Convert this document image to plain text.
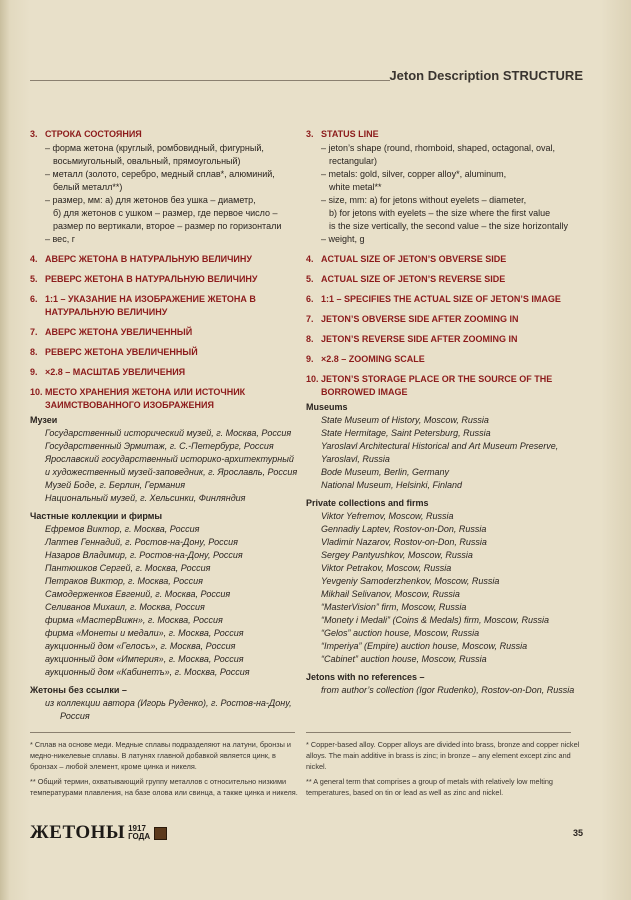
Jeton Description STRUCTURE
3. СТРОКА СОСТОЯНИЯ
– форма жетона (круглый, ромбовидный, фигурный,
восьмиугольный, овальный, прямоугольный)
– металл (золото, серебро, медный сплав*, алюминий,
белый металл**)
– размер, мм: а) для жетонов без ушка – диаметр,
б) для жетонов с ушком – размер, где первое число –
размер по вертикали, второе – размер по горизонтали
– вес, г
4. АВЕРС ЖЕТОНА В НАТУРАЛЬНУЮ ВЕЛИЧИНУ
5. РЕВЕРС ЖЕТОНА В НАТУРАЛЬНУЮ ВЕЛИЧИНУ
6. 1:1 – УКАЗАНИЕ НА ИЗОБРАЖЕНИЕ ЖЕТОНА В НАТУРАЛЬНУЮ ВЕЛИЧИНУ
7. АВЕРС ЖЕТОНА УВЕЛИЧЕННЫЙ
8. РЕВЕРС ЖЕТОНА УВЕЛИЧЕННЫЙ
9. ×2.8 – МАСШТАБ УВЕЛИЧЕНИЯ
10. МЕСТО ХРАНЕНИЯ ЖЕТОНА ИЛИ ИСТОЧНИК ЗАИМСТВОВАННОГО ИЗОБРАЖЕНИЯ
Музеи
Государственный исторический музей, г. Москва, Россия
Государственный Эрмитаж, г. С.-Петербург, Россия
Ярославский государственный историко-архитектурный
и художественный музей-заповедник, г. Ярославль, Россия
Музей Боде, г. Берлин, Германия
Национальный музей, г. Хельсинки, Финляндия
Частные коллекции и фирмы
Ефремов Виктор, г. Москва, Россия
Лаптев Геннадий, г. Ростов-на-Дону, Россия
Назаров Владимир, г. Ростов-на-Дону, Россия
Пантюшков Сергей, г. Москва, Россия
Петраков Виктор, г. Москва, Россия
Самодерженков Евгений, г. Москва, Россия
Селиванов Михаил, г. Москва, Россия
фирма «МастерВижн», г. Москва, Россия
фирма «Монеты и медали», г. Москва, Россия
аукционный дом «Гелосъ», г. Москва, Россия
аукционный дом «Империя», г. Москва, Россия
аукционный дом «Кабинетъ», г. Москва, Россия
Жетоны без ссылки –
из коллекции автора (Игорь Руденко), г. Ростов-на-Дону, Россия
3. STATUS LINE
– jeton’s shape (round, rhomboid, shaped, octagonal, oval,
rectangular)
– metals: gold, silver, copper alloy*, aluminum,
white metal**
– size, mm: a) for jetons without eyelets – diameter,
b) for jetons with eyelets – the size where the first value
is the size vertically, the second value – the size horizontally
– weight, g
4. ACTUAL SIZE OF JETON’S OBVERSE SIDE
5. ACTUAL SIZE OF JETON’S REVERSE SIDE
6. 1:1 – SPECIFIES THE ACTUAL SIZE OF JETON’S IMAGE
7. JETON’S OBVERSE SIDE AFTER ZOOMING IN
8. JETON’S REVERSE SIDE AFTER ZOOMING IN
9. ×2.8 – ZOOMING SCALE
10. JETON’S STORAGE PLACE OR THE SOURCE OF THE BORROWED IMAGE
Museums
State Museum of History, Moscow, Russia
State Hermitage, Saint Petersburg, Russia
Yaroslavl Architectural Historical and Art Museum Preserve,
Yaroslavl, Russia
Bode Museum, Berlin, Germany
National Museum, Helsinki, Finland
Private collections and firms
Viktor Yefremov, Moscow, Russia
Gennadiy Laptev, Rostov-on-Don, Russia
Vladimir Nazarov, Rostov-on-Don, Russia
Sergey Pantyushkov, Moscow, Russia
Viktor Petrakov, Moscow, Russia
Yevgeniy Samoderzhenkov, Moscow, Russia
Mikhail Selivanov, Moscow, Russia
“MasterVision” firm, Moscow, Russia
“Monety i Medali” (Coins & Medals) firm, Moscow, Russia
“Gelos” auction house, Moscow, Russia
“Imperiya” (Empire) auction house, Moscow, Russia
“Cabinet” auction house, Moscow, Russia
Jetons with no references –
from author’s collection (Igor Rudenko), Rostov-on-Don, Russia

* Сплав на основе меди. Медные сплавы подразделяют на латуни, бронзы и медно-никелевые сплавы. В латунях главной добавкой является цинк, в бронзах – любой элемент, кроме цинка и никеля.

** Общий термин, охватывающий группу металлов с относительно низкими температурами плавления, на базе олова или свинца, а также цинка и никеля.

* Copper-based alloy. Copper alloys are divided into brass, bronze and copper nickel alloys. The main additive in brass is zinc; in bronze – any element except zinc and nickel.

** A general term that comprises a group of metals with relatively low melting temperatures, based on tin or lead as well as zinc and nickel.

ЖЕТОНЫ 1917
ГОДА	35
